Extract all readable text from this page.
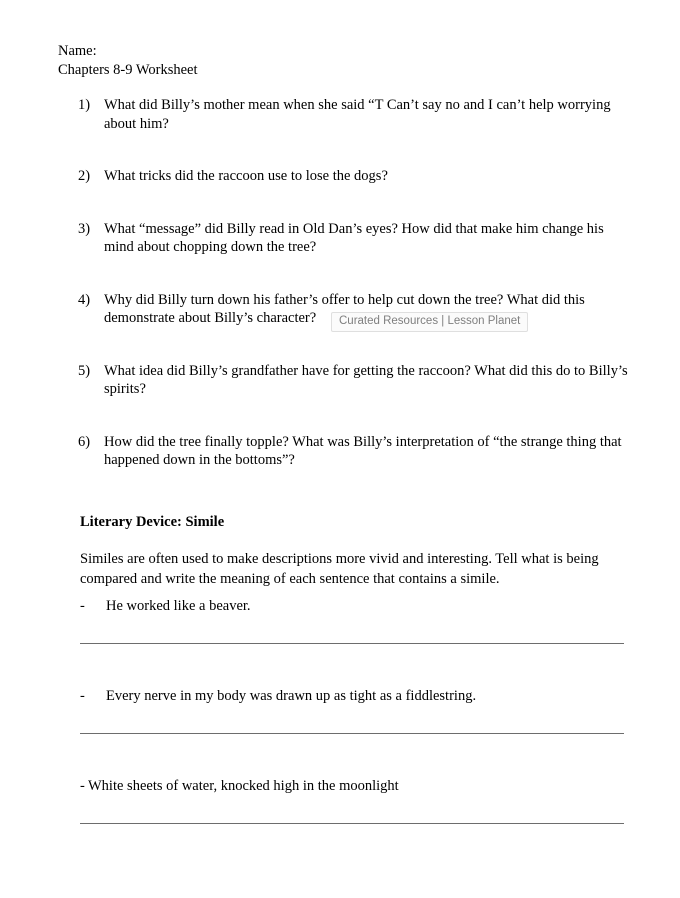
Name:
Chapters 8-9 Worksheet
1) What did Billy’s mother mean when she said “T Can’t say no and I can’t help worrying about him?
2) What tricks did the raccoon use to lose the dogs?
3) What “message” did Billy read in Old Dan’s eyes? How did that make him change his mind about chopping down the tree?
4) Why did Billy turn down his father’s offer to help cut down the tree? What did this demonstrate about Billy’s character?
5) What idea did Billy’s grandfather have for getting the raccoon? What did this do to Billy’s spirits?
6) How did the tree finally topple? What was Billy’s interpretation of “the strange thing that happened down in the bottoms”?
Literary Device: Simile
Similes are often used to make descriptions more vivid and interesting. Tell what is being compared and write the meaning of each sentence that contains a simile.
-	He worked like a beaver.
-	Every nerve in my body was drawn up as tight as a fiddlestring.
- White sheets of water, knocked high in the moonlight
Curated Resources | Lesson Planet
